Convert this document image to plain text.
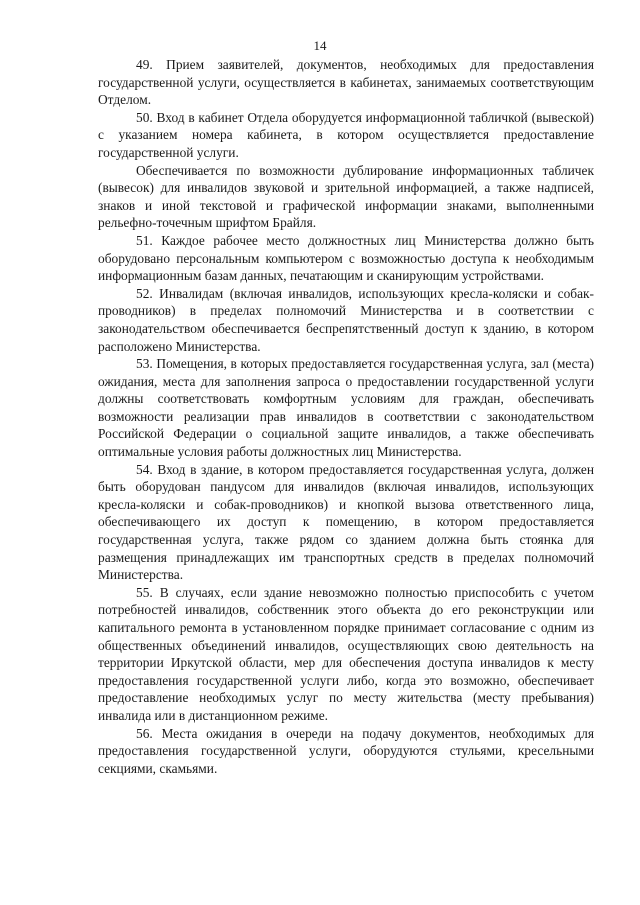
14

49. Прием заявителей, документов, необходимых для предоставления государственной услуги, осуществляется в кабинетах, занимаемых соответствующим Отделом.

50. Вход в кабинет Отдела оборудуется информационной табличкой (вывеской) с указанием номера кабинета, в котором осуществляется предоставление государственной услуги.

Обеспечивается по возможности дублирование информационных табличек (вывесок) для инвалидов звуковой и зрительной информацией, а также надписей, знаков и иной текстовой и графической информации знаками, выполненными рельефно-точечным шрифтом Брайля.

51. Каждое рабочее место должностных лиц Министерства должно быть оборудовано персональным компьютером с возможностью доступа к необходимым информационным базам данных, печатающим и сканирующим устройствами.

52. Инвалидам (включая инвалидов, использующих кресла-коляски и собак-проводников) в пределах полномочий Министерства и в соответствии с законодательством обеспечивается беспрепятственный доступ к зданию, в котором расположено Министерства.

53. Помещения, в которых предоставляется государственная услуга, зал (места) ожидания, места для заполнения запроса о предоставлении государственной услуги должны соответствовать комфортным условиям для граждан, обеспечивать возможности реализации прав инвалидов в соответствии с законодательством Российской Федерации о социальной защите инвалидов, а также обеспечивать оптимальные условия работы должностных лиц Министерства.

54. Вход в здание, в котором предоставляется государственная услуга, должен быть оборудован пандусом для инвалидов (включая инвалидов, использующих кресла-коляски и собак-проводников) и кнопкой вызова ответственного лица, обеспечивающего их доступ к помещению, в котором предоставляется государственная услуга, также рядом со зданием должна быть стоянка для размещения принадлежащих им транспортных средств в пределах полномочий Министерства.

55. В случаях, если здание невозможно полностью приспособить с учетом потребностей инвалидов, собственник этого объекта до его реконструкции или капитального ремонта в установленном порядке принимает согласование с одним из общественных объединений инвалидов, осуществляющих свою деятельность на территории Иркутской области, мер для обеспечения доступа инвалидов к месту предоставления государственной услуги либо, когда это возможно, обеспечивает предоставление необходимых услуг по месту жительства (месту пребывания) инвалида или в дистанционном режиме.

56. Места ожидания в очереди на подачу документов, необходимых для предоставления государственной услуги, оборудуются стульями, кресельными секциями, скамьями.
